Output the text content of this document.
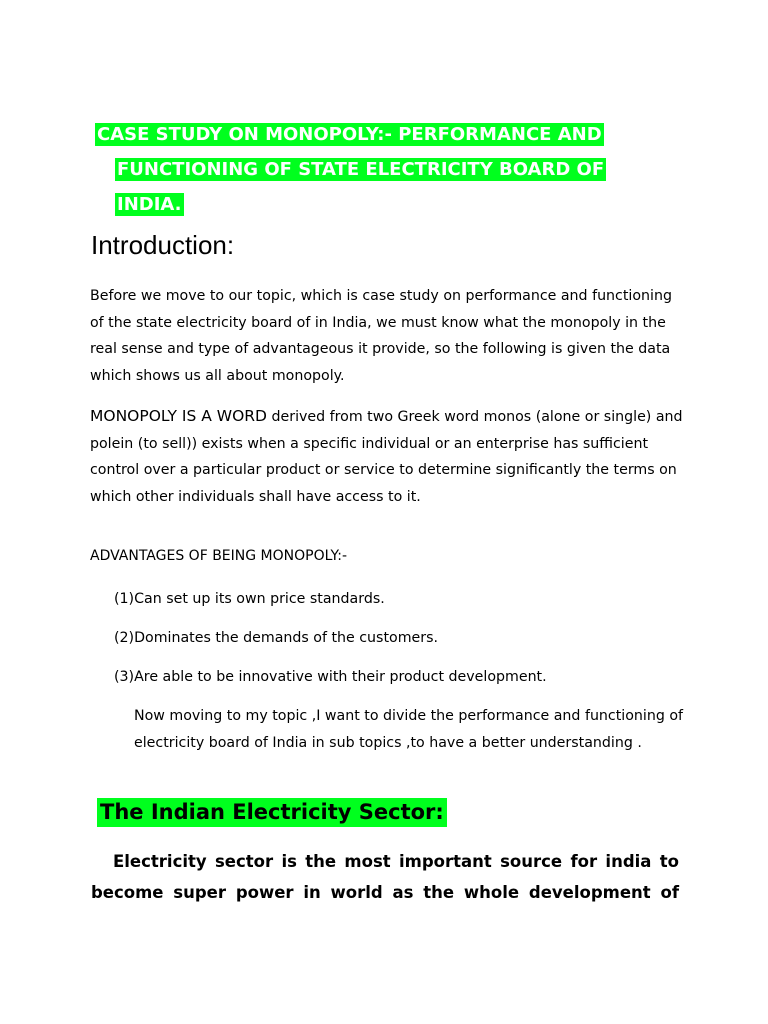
CASE STUDY ON MONOPOLY:- PERFORMANCE AND
FUNCTIONING OF STATE ELECTRICITY BOARD OF
INDIA.
Introduction:

Before we move to our topic, which is case study on performance and functioning of the state electricity board of in India, we must know what the monopoly in the real sense and type of advantageous it provide, so the following is given the data which shows us all about monopoly.

MONOPOLY IS A WORD derived from two Greek word monos (alone or single) and polein (to sell)) exists when a specific individual or an enterprise has sufficient control over a particular product or service to determine significantly the terms on which other individuals shall have access to it.

ADVANTAGES OF BEING MONOPOLY:-

(1)Can set up its own price standards.
(2)Dominates the demands of the customers.
(3)Are able to be innovative with their product development.

Now moving to my topic ,I want to divide the performance and functioning of electricity board of India in sub topics ,to have a better understanding .

The Indian Electricity Sector:

Electricity sector is the most important source for india to become super power in world as the whole development of
